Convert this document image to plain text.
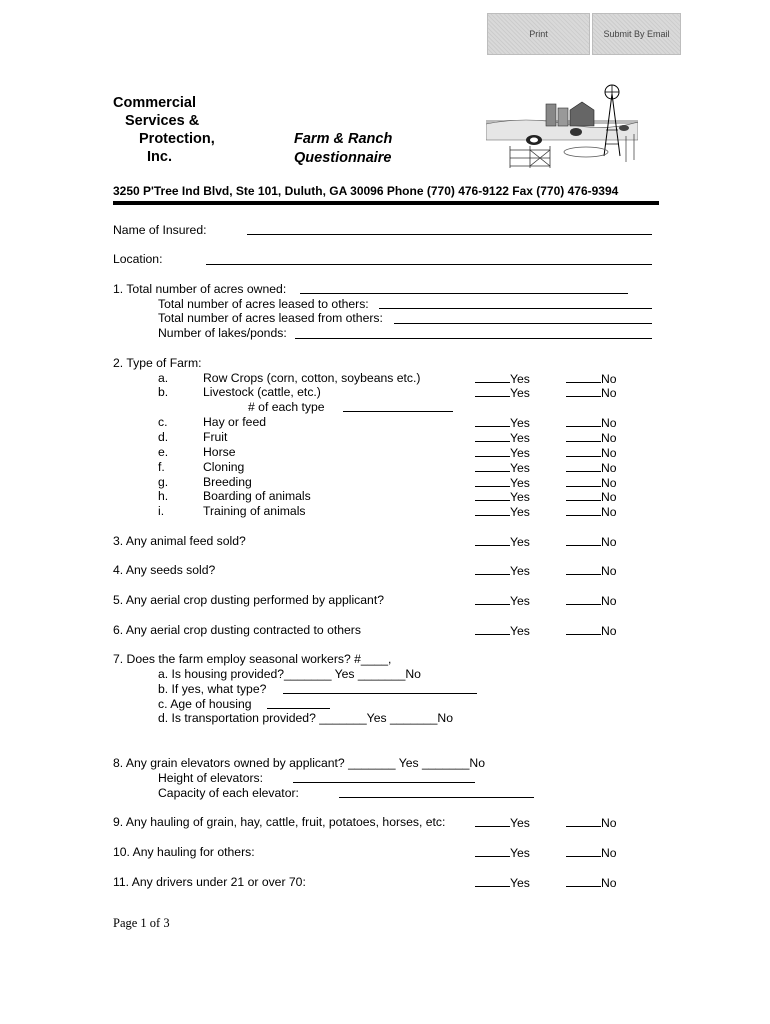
Print	Submit By Email
Commercial
Services &
Protection,
Inc.
Farm & Ranch
Questionnaire
3250 P'Tree Ind Blvd, Ste 101, Duluth, GA 30096 Phone (770) 476-9122 Fax (770) 476-9394
Name of Insured:
Location:
1. Total number of acres owned:
Total number of acres leased to others:
Total number of acres leased from others:
Number of lakes/ponds:
2. Type of Farm:
a.	Row Crops (corn, cotton, soybeans etc.)	Yes	No
b.	Livestock (cattle, etc.)	Yes	No
# of each type
c.	Hay or feed	Yes	No
d.	Fruit	Yes	No
e.	Horse	Yes	No
f.	Cloning	Yes	No
g.	Breeding	Yes	No
h.	Boarding of animals	Yes	No
i.	Training of animals	Yes	No
3. Any animal feed sold?	Yes	No
4. Any seeds sold?	Yes	No
5. Any aerial crop dusting performed by applicant?	Yes	No
6. Any aerial crop dusting contracted to others	Yes	No
7. Does the farm employ seasonal workers? #____,
a. Is housing provided?_______ Yes _______No
b. If yes, what type?
c. Age of housing
d. Is transportation provided? _______Yes _______No
8. Any grain elevators owned by applicant? _______ Yes _______No
Height of elevators:
Capacity of each elevator:
9. Any hauling of grain, hay, cattle, fruit, potatoes, horses, etc:	Yes	No
10. Any hauling for others:	Yes	No
11. Any drivers under 21 or over 70:	Yes	No
Page 1 of 3
